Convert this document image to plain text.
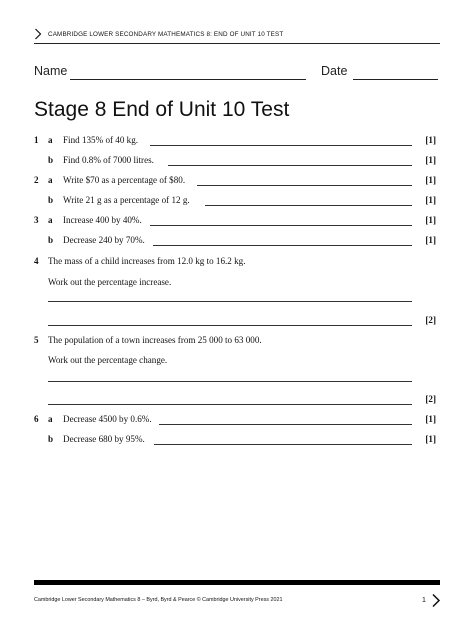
CAMBRIDGE LOWER SECONDARY MATHEMATICS 8: END OF UNIT 10 TEST
Name	Date
Stage 8 End of Unit 10 Test
1 a Find 135% of 40 kg.	[1]
b Find 0.8% of 7000 litres.	[1]
2 a Write $70 as a percentage of $80.	[1]
b Write 21 g as a percentage of 12 g.	[1]
3 a Increase 400 by 40%.	[1]
b Decrease 240 by 70%.	[1]
4 The mass of a child increases from 12.0 kg to 16.2 kg.
Work out the percentage increase.
[2]
5 The population of a town increases from 25 000 to 63 000.
Work out the percentage change.
[2]
6 a Decrease 4500 by 0.6%.	[1]
b Decrease 680 by 95%.	[1]
Cambridge Lower Secondary Mathematics 8 – Byrd, Byrd & Pearce © Cambridge University Press 2021	1
